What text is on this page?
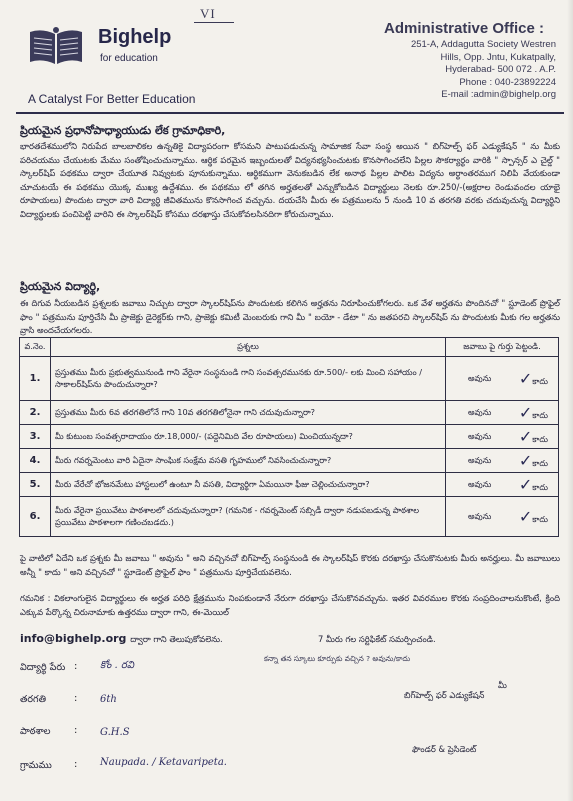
Bighelp
for education
A Catalyst For Better Education
VI
Administrative Office :
251-A, Addagutta Society Westren
Hills, Opp. Jntu, Kukatpally,
Hyderabad- 500 072 . A.P.
Phone : 040-23892224
E-mail :admin@bighelp.org
ప్రియమైన ప్రధానోపాధ్యాయుడు లేక గ్రామాధికారి,
భారతదేశములోని నిరుపేద బాలబాలికల ఉన్నతికై విద్యాపరంగా కోసమని పాటుపడుచున్న సామాజిక సేవా సంస్థ అయిన " బిగ్‌హెల్ప్ ఫర్ ఎడ్యుకేషన్ " ను మీకు పరిచయము చేయుటకు మేము సంతోషించుచున్నాము. ఆర్థిక పరమైన ఇబ్బందులతో విద్యనభ్యసించుటకు కొనసాగించలేని పిల్లల సౌకర్యార్థం వారికి " స్పాన్సర్ ఎ చైల్డ్ " స్కాలర్‌షిప్ పథకము ద్వారా చేయూత నివ్వుటకు పూనుకున్నాము. ఆర్థికముగా వెనుకబడిన లేక అనాథ పిల్లల పాలిట విద్యను అర్థాంతరముగ నిలిపి వేయకుండా చూచుటయే ఈ పథకము యొక్క ముఖ్య ఉద్దేశము. ఈ పథకము లో తగిన అర్హతలతో ఎన్నుకోబడిన విద్యార్థులు నెలకు రూ.250/-(అక్షరాల రెండువందల యాభై రూపాయలు) పొందుట ద్వారా వారి విద్యార్థి జీవితమును కొనసాగించ వచ్చును. దయచేసి మీరు ఈ పత్రములను 5 నుండి 10 వ తరగతి వరకు చదువుచున్న విద్యార్థిని విద్యార్థులకు పంచిపెట్టి వారిని ఈ స్కాలర్‌షిప్ కోసము దరఖాస్తు చేసుకోవలసినదిగా కోరుచున్నాము.
ప్రియమైన విద్యార్థి,
ఈ దిగువ నీయబడిన ప్రశ్నలకు జవాబు నిచ్చుట ద్వారా స్కాలర్‌షిప్‌ను పొందుటకు కలిగిన అర్హతను నిరూపించుకోగలరు. ఒక వేళ అర్హతను పొందినచో " స్టూడెంట్ ప్రొఫైల్ ఫాం " పత్రమును పూర్తిచేసి మీ ప్రాజెక్టు డైరెక్టర్‌కు గాని, ప్రాజెక్టు కమిటీ మెంబరుకు గాని మీ " బయో - డేటా " ను జతపరచి స్కాలర్‌షిప్ ను పొందుటకు మీకు గల అర్హతను వ్రాసి అందచేయగలరు.
వ.నెం.	ప్రశ్నలు	జవాబు పై గుర్తు పెట్టండి.
1.	ప్రస్తుతము మీరు ప్రభుత్వమునుండి గాని వేరైనా సంస్థనుండి గాని సంవత్సరమునకు రూ.500/- లకు మించి సహాయం / సాకాలర్‌షిప్‌ను పొందుచున్నారా?	అవును ✓కాదు

2.	ప్రస్తుతము మీరు 6వ తరగతిలోనే గాని 10వ తరగతిలోనైనా గాని చదువుచున్నారా?	అవును ✓కాదు

3.	మీ కుటుంబ సంవత్సరాదాయం రూ.18,000/- (పద్దెనిమిది వేల రూపాయలు) మించియున్నదా?	అవును ✓కాదు

4.	మీరు గవర్నమెంటు వారి ఏదైనా సాంఘిక సంక్షేమ వసతి గృహములో నివసించుచున్నారా?	అవును ✓కాదు

5.	మీరు వేరేచో భోజనమేటు హాస్టలులో ఉంటూ నీ వసతి, విద్యార్థిగా ఏమయినా ఫీజు చెల్లించుచున్నారా?	అవును ✓కాదు

6.	మీరు వేరైనా ప్రయివేటు పాఠశాలలో చదువుచున్నారా? (గమనిక - గవర్నమెంట్ సబ్సిడీ ద్వారా నడుపబడున్న పాఠశాల ప్రయివేటు పాఠశాలగా గణించబడదు.)	అవును ✓కాదు
పై వాటిలో ఏదేని ఒక ప్రశ్నకు మీ జవాబు " అవును " అని వచ్చినచో బిగ్‌హెల్ప్ సంస్థనుండి ఈ స్కాలర్‌షిప్ కొరకు దరఖాస్తు చేసుకొనుటకు మీరు అనర్హులు. మీ జవాబులు అన్నీ " కాదు " అని వచ్చినచో " స్టూడెంట్ ప్రొఫైల్ ఫాం " పత్రమును పూర్తిచేయవలెను.
గమనిక : వికలాంగులైన విద్యార్థులు ఈ అర్హత పరిధి క్షేత్రమును నింపకుండానే నేరుగా దరఖాస్తు చేసుకొనవచ్చును. ఇతర వివరముల కొరకు సంప్రదించాలనుకొంటే, క్రింది ఎక్కువ పేర్కొన్న చిరునామాకు ఉత్తరము ద్వారా గాని, ఈ-మెయిల్
info@bighelp.org ద్వారా గాని తెలుపుకోవలెను.	7 మీరు గల సర్టిఫికేట్ సమర్పించండి.
కన్నా తన స్కూలు కూర్పుకు వచ్చిన ? అవును/కాదు
విద్యార్థి పేరు : కోం . రవి
తరగతి	: 6th
పాఠశాల : G.H.S
గ్రామము : Naupada. / Ketavaripeta.
మీ
బిగ్‌హెల్ప్ ఫర్ ఎడ్యుకేషన్
ఫౌండర్ & ప్రెసిడెంట్
